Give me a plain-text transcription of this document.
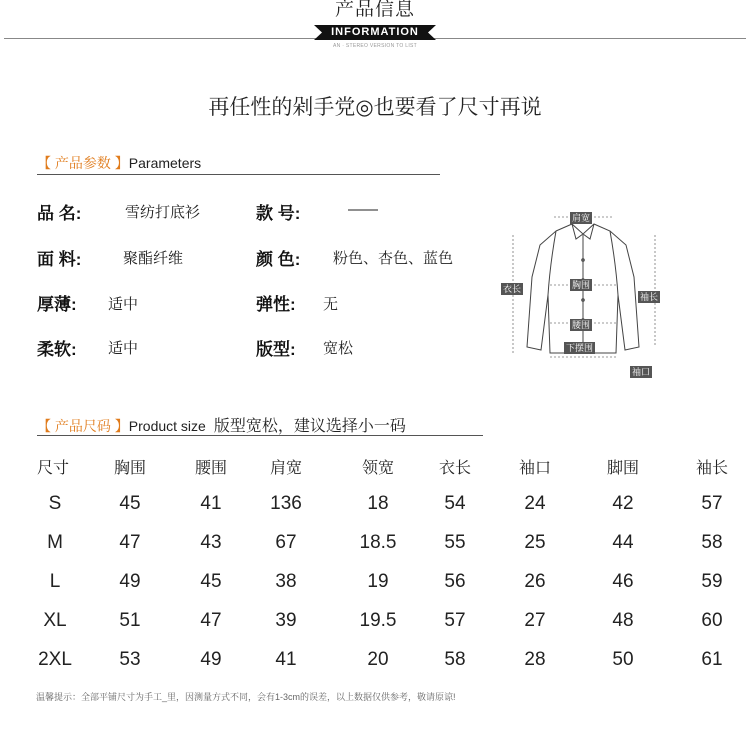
产品信息
INFORMATION
AN · STEREO VERSION TO LIST
再任性的剁手党◎也要看了尺寸再说
【 产品参数 】Parameters
品 名:	雪纺打底衫	款 号:	——
面 料:	聚酯纤维	颜 色: 粉色、杏色、蓝色
厚薄: 适中	弹性: 无
柔软: 适中	版型: 宽松
肩宽
衣长	胸围
袖长
腰围
下摆围
袖口
【 产品尺码 】Product size 版型宽松，建议选择小一码
尺寸	胸围	腰围	肩宽	领宽	衣长	袖口	脚围	袖长
S	45	41	136	18	54	24	42	57
M	47	43	67	18.5	55	25	44	58
L	49	45	38	19	56	26	46	59
XL	51	47	39	19.5	57	27	48	60
2XL	53	49	41	20	58	28	50	61
温馨提示：全部平铺尺寸为手工_里，因测量方式不同，会有1-3cm的误差，以上数据仅供参考，敬请原谅!
